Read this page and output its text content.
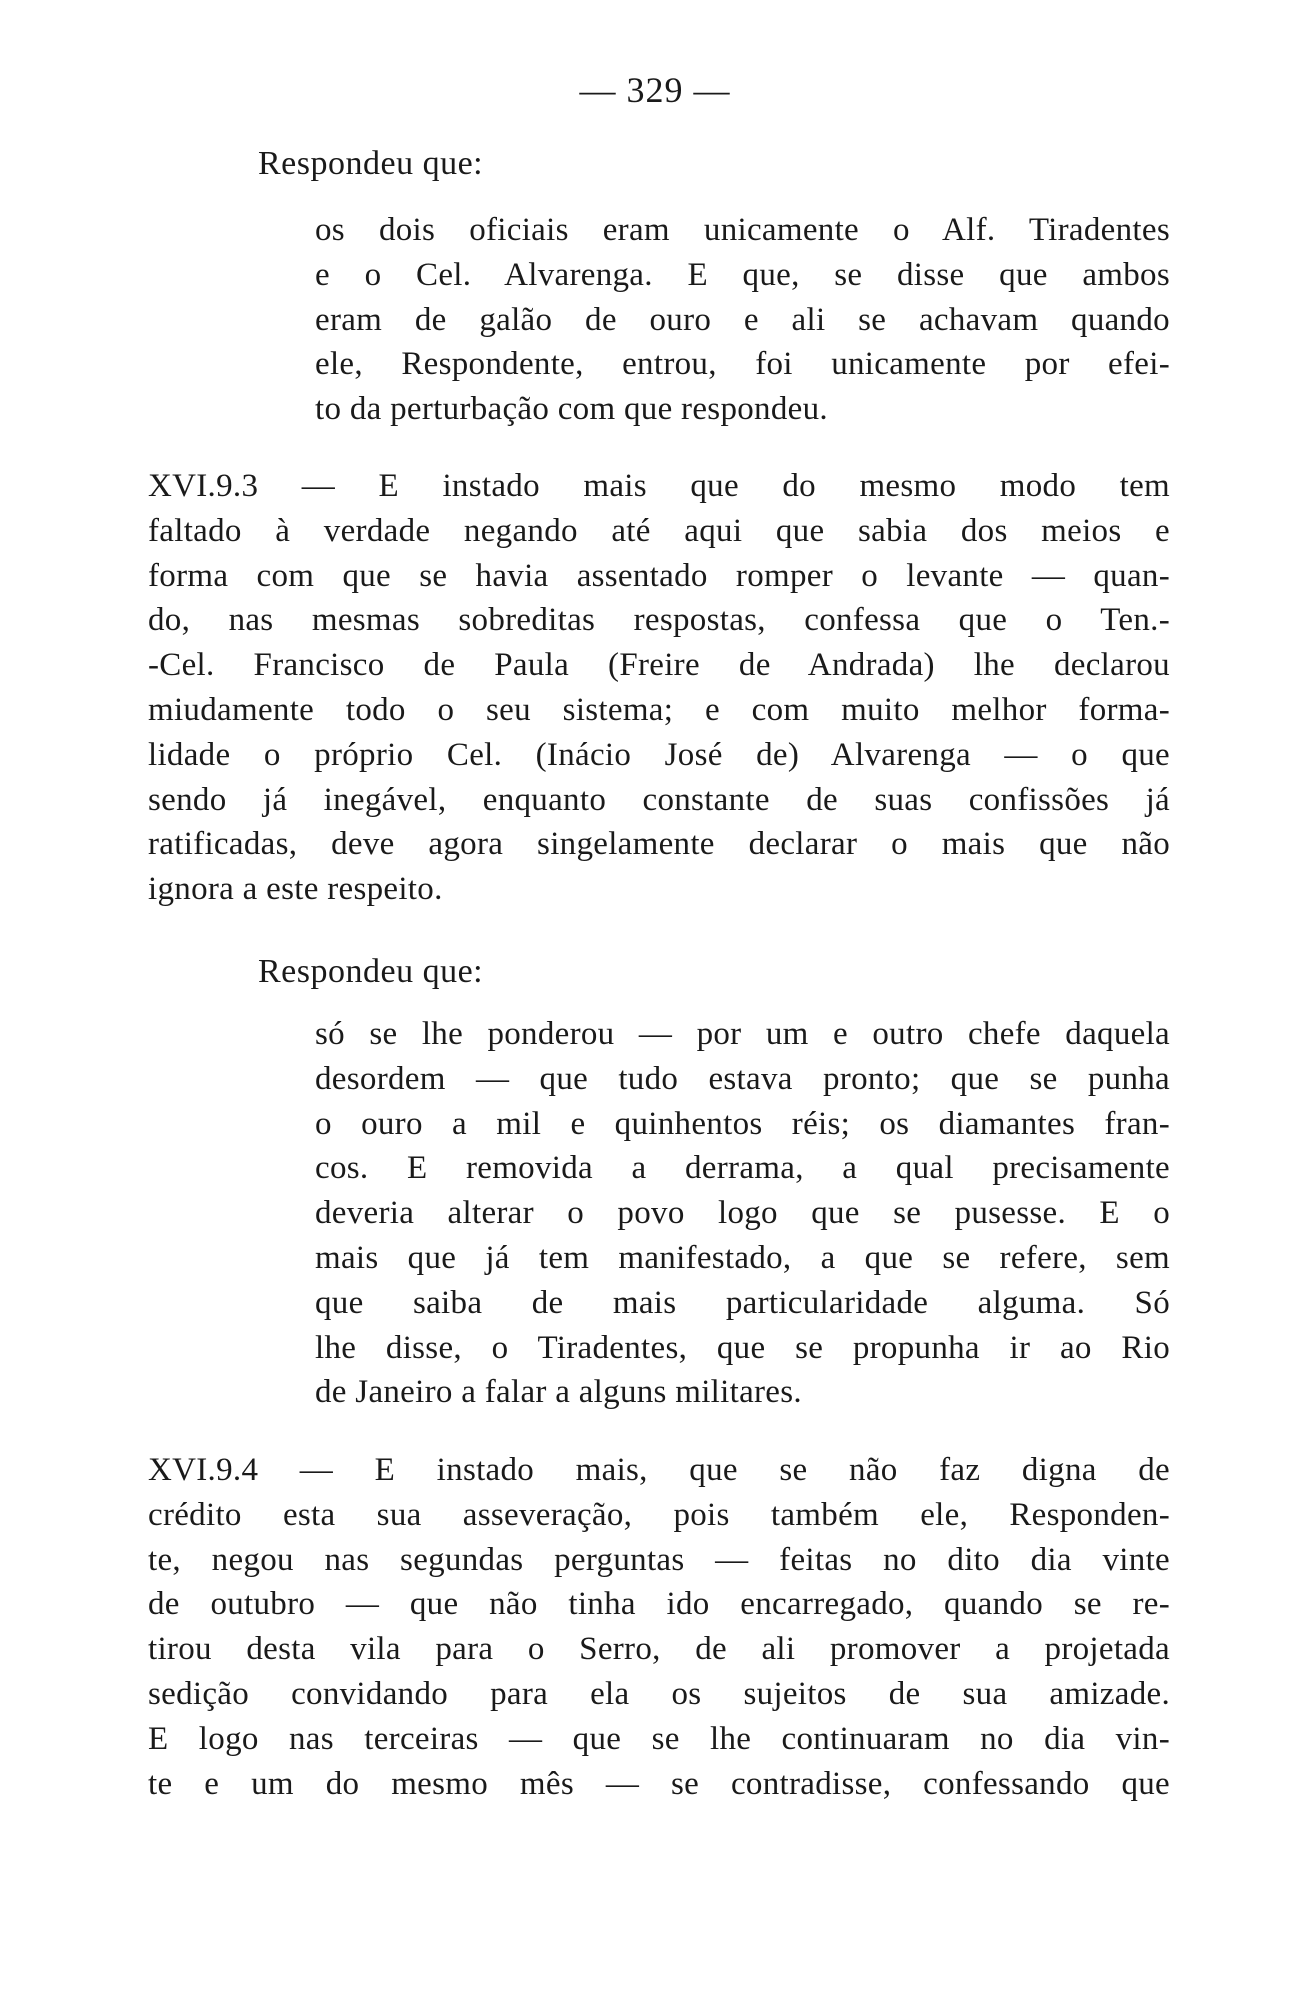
— 329 —
Respondeu que:
os dois oficiais eram unicamente o Alf. Tiradentes
e o Cel. Alvarenga. E que, se disse que ambos
eram de galão de ouro e ali se achavam quando
ele, Respondente, entrou, foi unicamente por efei-
to da perturbação com que respondeu.
XVI.9.3 — E instado mais que do mesmo modo tem
faltado à verdade negando até aqui que sabia dos meios e
forma com que se havia assentado romper o levante — quan-
do, nas mesmas sobreditas respostas, confessa que o Ten.-
-Cel. Francisco de Paula (Freire de Andrada) lhe declarou
miudamente todo o seu sistema; e com muito melhor forma-
lidade o próprio Cel. (Inácio José de) Alvarenga — o que
sendo já inegável, enquanto constante de suas confissões já
ratificadas, deve agora singelamente declarar o mais que não
ignora a este respeito.
Respondeu que:
só se lhe ponderou — por um e outro chefe daquela
desordem — que tudo estava pronto; que se punha
o ouro a mil e quinhentos réis; os diamantes fran-
cos. E removida a derrama, a qual precisamente
deveria alterar o povo logo que se pusesse. E o
mais que já tem manifestado, a que se refere, sem
que saiba de mais particularidade alguma. Só
lhe disse, o Tiradentes, que se propunha ir ao Rio
de Janeiro a falar a alguns militares.
XVI.9.4 — E instado mais, que se não faz digna de
crédito esta sua asseveração, pois também ele, Responden-
te, negou nas segundas perguntas — feitas no dito dia vinte
de outubro — que não tinha ido encarregado, quando se re-
tirou desta vila para o Serro, de ali promover a projetada
sedição convidando para ela os sujeitos de sua amizade.
E logo nas terceiras — que se lhe continuaram no dia vin-
te e um do mesmo mês — se contradisse, confessando que
